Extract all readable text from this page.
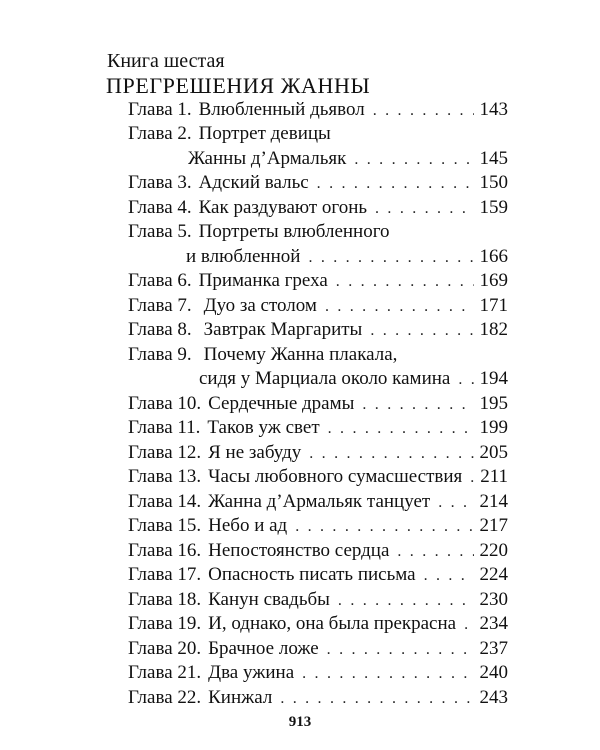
Книга шестая
ПРЕГРЕШЕНИЯ ЖАННЫ
Глава 1. Влюбленный дьявол . . .	143
Глава 2. Портрет девицы
Жанны д’Армальяк . . .	145
Глава 3. Адский вальс . . .	150
Глава 4. Как раздувают огонь . . .	159
Глава 5. Портреты влюбленного
и влюбленной . . .	166
Глава 6. Приманка греха . . .	169
Глава 7. Дуо за столом . . .	171
Глава 8. Завтрак Маргариты . . .	182
Глава 9. Почему Жанна плакала,
сидя у Марциала около камина . . . 194
Глава 10. Сердечные драмы . . .	195
Глава 11. Таков уж свет . . .	199
Глава 12. Я не забуду . . .	205
Глава 13. Часы любовного сумасшествия . . . 211
Глава 14. Жанна д’Армальяк танцует . . .	214
Глава 15. Небо и ад . . .	217
Глава 16. Непостоянство сердца . . .	220
Глава 17. Опасность писать письма . . .	224
Глава 18. Канун свадьбы . . .	230
Глава 19. И, однако, она была прекрасна . . . 234
Глава 20. Брачное ложе . . .	237
Глава 21. Два ужина . . .	240
Глава 22. Кинжал . . .	243
913
